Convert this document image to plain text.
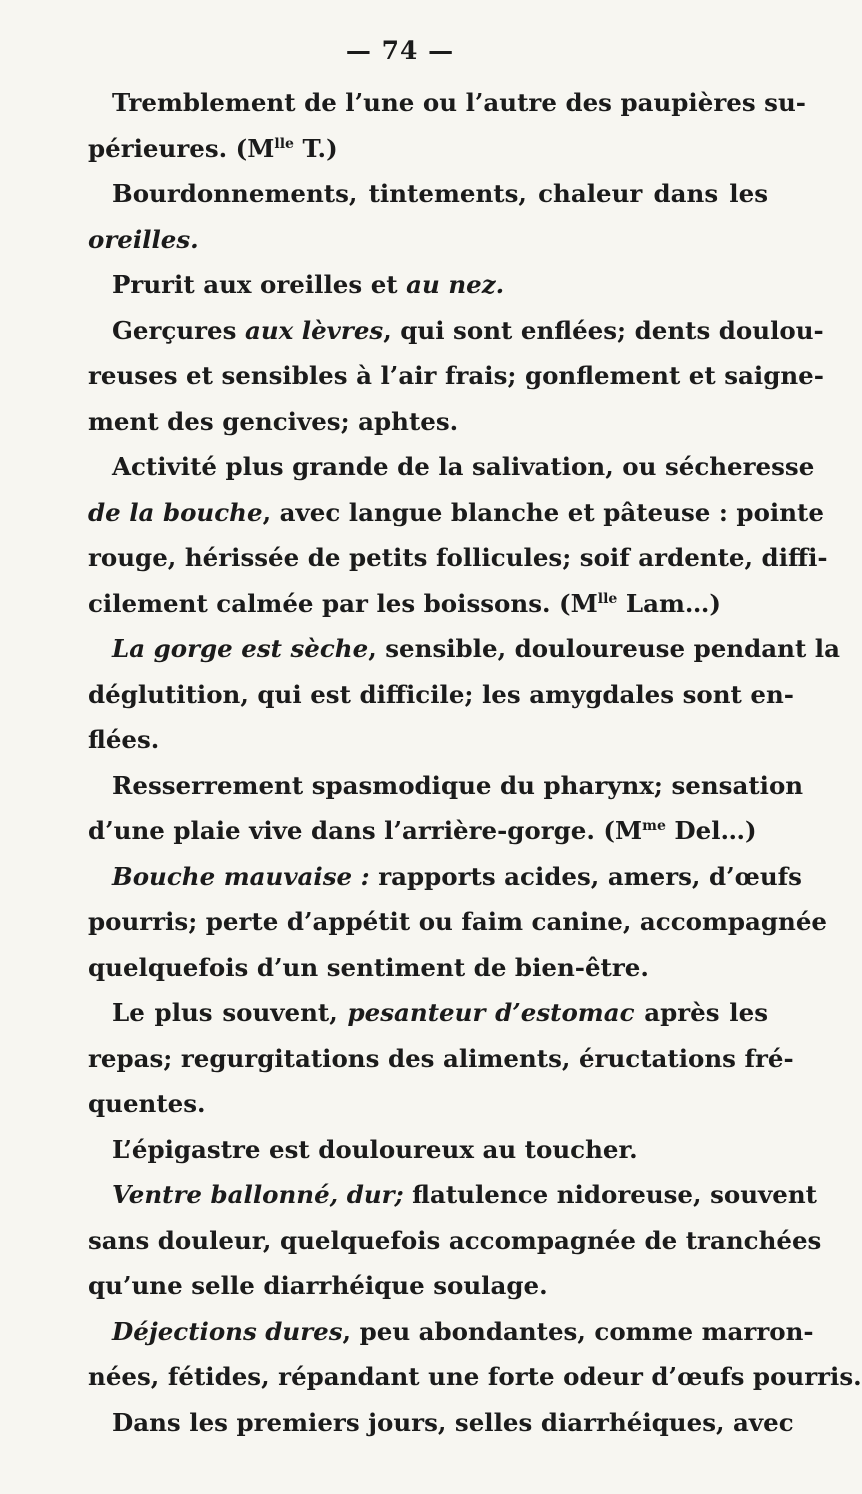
— 74 —
Tremblement de l’une ou l’autre des paupières su-
périeures. ($M^{lle}$ T.)
Bourdonnements, tintements, chaleur dans les
oreilles.
Prurit aux oreilles et au nez.
Gerçures aux lèvres, qui sont enflées; dents doulou-
reuses et sensibles à l’air frais; gonflement et saigne-
ment des gencives; aphtes.
Activité plus grande de la salivation, ou sécheresse
de la bouche, avec langue blanche et pâteuse : pointe
rouge, hérissée de petits follicules; soif ardente, diffi-
cilement calmée par les boissons. ($M^{lle}$ Lam…)
La gorge est sèche, sensible, douloureuse pendant la
déglutition, qui est difficile; les amygdales sont en-
flées.
Resserrement spasmodique du pharynx; sensation
d’une plaie vive dans l’arrière-gorge. ($M^{me}$ Del…)
Bouche mauvaise : rapports acides, amers, d’œufs
pourris; perte d’appétit ou faim canine, accompagnée
quelquefois d’un sentiment de bien-être.
Le plus souvent, pesanteur d’estomac après les
repas; regurgitations des aliments, éructations fré-
quentes.
L’épigastre est douloureux au toucher.
Ventre ballonné, dur; flatulence nidoreuse, souvent
sans douleur, quelquefois accompagnée de tranchées
qu’une selle diarrhéique soulage.
Déjections dures, peu abondantes, comme marron-
nées, fétides, répandant une forte odeur d’œufs pourris.
Dans les premiers jours, selles diarrhéiques, avec
